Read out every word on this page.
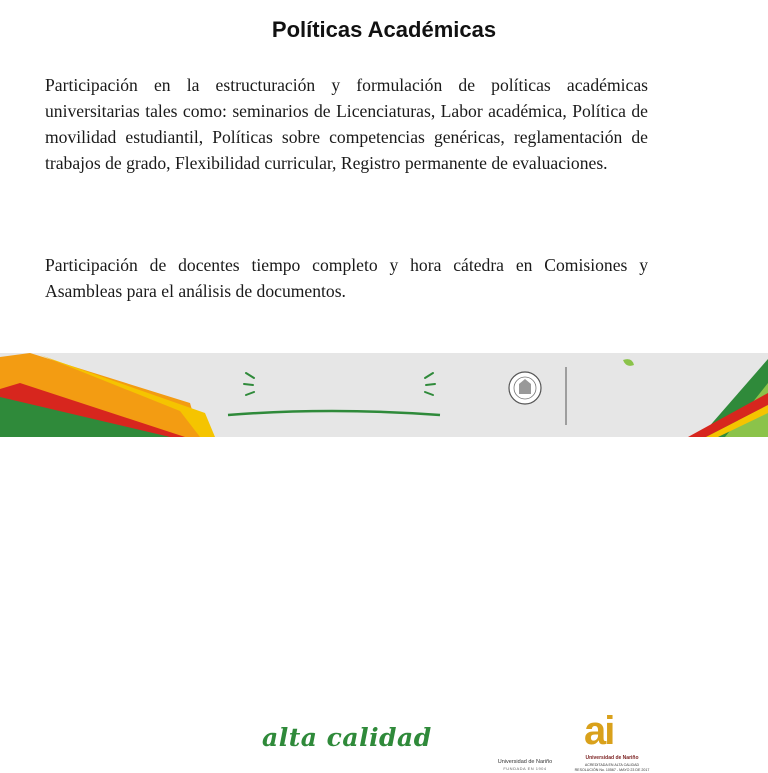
Políticas Académicas

Participación en la estructuración y formulación de políticas académicas universitarias tales como: seminarios de Licenciaturas, Labor académica, Política de movilidad estudiantil, Políticas sobre competencias genéricas, reglamentación de trabajos de grado, Flexibilidad curricular, Registro permanente de evaluaciones.

Participación de docentes tiempo completo y hora cátedra en Comisiones y Asambleas para el análisis de documentos.

alta calidad
Universidad de Nariño
FUNDADA EN 1904
ai
Universidad de Nariño
ACREDITADA EN ALTA CALIDAD
RESOLUCIÓN No. 10567 - MAYO 23 DE 2017
